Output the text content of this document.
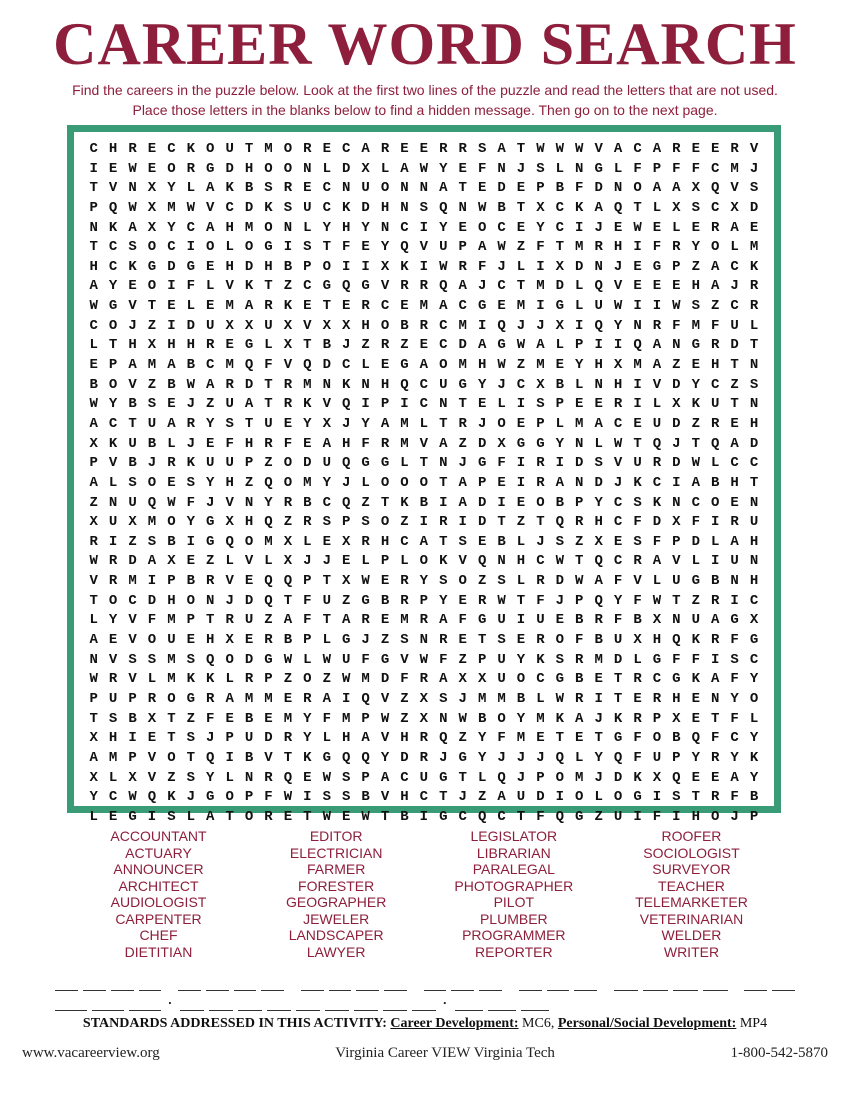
CAREER WORD SEARCH
Find the careers in the puzzle below. Look at the first two lines of the puzzle and read the letters that are not used.
Place those letters in the blanks below to find a hidden message. Then go on to the next page.
C H R E C K O U T M O R E C A R E E R R S A T W W W V A C A R E E R V
I E W E O R G D H O O N L D X L A W Y E F N J S L N G L F P F F C M J
T V N X Y L A K B S R E C N U O N N A T E D E P B F D N O A A X Q V S
P Q W X M W V C D K S U C K D H N S Q N W B T X C K A Q T L X S C X D
N K A X Y C A H M O N L Y H Y N C I Y E O C E Y C I J E W E L E R A E
T C S O C I O L O G I S T F E Y Q V U P A W Z F T M R H I F R Y O L M
H C K G D G E H D H B P O I I X K I W R F J L I X D N J E G P Z A C K
A Y E O I F L V K T Z C G Q G V R R Q A J C T M D L Q V E E E H A J R
W G V T E L E M A R K E T E R C E M A C G E M I G L U W I I W S Z C R
C O J Z I D U X X U X V X X H O B R C M I Q J J X I Q Y N R F M F U L
L T H X H H R E G L X T B J Z R Z E C D A G W A L P I I Q A N G R D T
E P A M A B C M Q F V Q D C L E G A O M H W Z M E Y H X M A Z E H T N
B O V Z B W A R D T R M N K N H Q C U G Y J C X B L N H I V D Y C Z S
W Y B S E J Z U A T R K V Q I P I C N T E L I S P E E R I L X K U T N
A C T U A R Y S T U E Y X J Y A M L T R J O E P L M A C E U D Z R E H
X K U B L J E F H R F E A H F R M V A Z D X G G Y N L W T Q J T Q A D
P V B J R K U U P Z O D U Q G G L T N J G F I R I D S V U R D W L C C
A L S O E S Y H Z Q O M Y J L O O O T A P E I R A N D J K C I A B H T
Z N U Q W F J V N Y R B C Q Z T K B I A D I E O B P Y C S K N C O E N
X U X M O Y G X H Q Z R S P S O Z I R I D T Z T Q R H C F D X F I R U
R I Z S B I G Q O M X L E X R H C A T S E B L J S Z X E S F P D L A H
W R D A X E Z L V L X J J E L P L O K V Q N H C W T Q C R A V L I U N
V R M I P B R V E Q Q P T X W E R Y S O Z S L R D W A F V L U G B N H
T O C D H O N J D Q T F U Z G B R P Y E R W T F J P Q Y F W T Z R I C
L Y V F M P T R U Z A F T A R E M R A F G U I U E B R F B X N U A G X
A E V O U E H X E R B P L G J Z S N R E T S E R O F B U X H Q K R F G
N V S S M S Q O D G W L W U F G V W F Z P U Y K S R M D L G F F I S C
W R V L M K K L R P Z O Z W M D F R A X X U O C G B E T R C G K A F Y
P U P R O G R A M M E R A I Q V Z X S J M M B L W R I T E R H E N Y O
T S B X T Z F E B E M Y F M P W Z X N W B O Y M K A J K R P X E T F L
X H I E T S J P U D R Y L H A V H R Q Z Y F M E T E T G F O B Q F C Y
A M P V O T Q I B V T K G Q Q Y D R J G Y J J J Q L Y Q F U P Y R Y K
X L X V Z S Y L N R Q E W S P A C U G T L Q J P O M J D K X Q E E A Y
Y C W Q K J G O P F W I S S B V H C T J Z A U D I O L O G I S T R F B
L E G I S L A T O R E T W E W T B I G C Q C T F Q G Z U I F I H O J P
ACCOUNTANT
ACTUARY
ANNOUNCER
ARCHITECT
AUDIOLOGIST
CARPENTER
CHEF
DIETITIAN
EDITOR
ELECTRICIAN
FARMER
FORESTER
GEOGRAPHER
JEWELER
LANDSCAPER
LAWYER
LEGISLATOR
LIBRARIAN
PARALEGAL
PHOTOGRAPHER
PILOT
PLUMBER
PROGRAMMER
REPORTER
ROOFER
SOCIOLOGIST
SURVEYOR
TEACHER
TELEMARKETER
VETERINARIAN
WELDER
WRITER
.	.
STANDARDS ADDRESSED IN THIS ACTIVITY: Career Development: MC6, Personal/Social Development: MP4
www.vacareerview.org	Virginia Career VIEW Virginia Tech	1-800-542-5870
